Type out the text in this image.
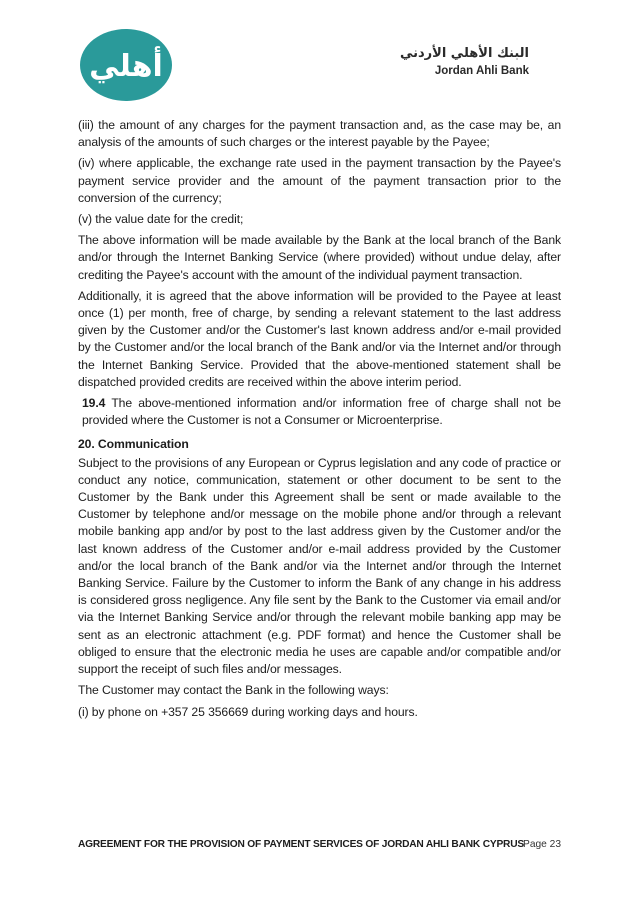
أهلي	البنك الأهلي الأردني
Jordan Ahli Bank

(iii) the amount of any charges for the payment transaction and, as the case may be, an analysis of the amounts of such charges or the interest payable by the Payee;

(iv) where applicable, the exchange rate used in the payment transaction by the Payee's payment service provider and the amount of the payment transaction prior to the conversion of the currency;

(v) the value date for the credit;

The above information will be made available by the Bank at the local branch of the Bank and/or through the Internet Banking Service (where provided) without undue delay, after crediting the Payee's account with the amount of the individual payment transaction.

Additionally, it is agreed that the above information will be provided to the Payee at least once (1) per month, free of charge, by sending a relevant statement to the last address given by the Customer and/or the Customer's last known address and/or e-mail provided by the Customer and/or the local branch of the Bank and/or via the Internet and/or through the Internet Banking Service. Provided that the above-mentioned statement shall be dispatched provided credits are received within the above interim period.

19.4 The above-mentioned information and/or information free of charge shall not be provided where the Customer is not a Consumer or Microenterprise.

20. Communication

Subject to the provisions of any European or Cyprus legislation and any code of practice or conduct any notice, communication, statement or other document to be sent to the Customer by the Bank under this Agreement shall be sent or made available to the Customer by telephone and/or message on the mobile phone and/or through a relevant mobile banking app and/or by post to the last address given by the Customer and/or the last known address of the Customer and/or e-mail address provided by the Customer and/or the local branch of the Bank and/or via the Internet and/or through the Internet Banking Service. Failure by the Customer to inform the Bank of any change in his address is considered gross negligence. Any file sent by the Bank to the Customer via email and/or via the Internet Banking Service and/or through the relevant mobile banking app may be sent as an electronic attachment (e.g. PDF format) and hence the Customer shall be obliged to ensure that the electronic media he uses are capable and/or compatible and/or support the receipt of such files and/or messages.

The Customer may contact the Bank in the following ways:

(i) by phone on +357 25 356669 during working days and hours.

AGREEMENT FOR THE PROVISION OF PAYMENT SERVICES OF JORDAN AHLI BANK CYPRUS Page 23
